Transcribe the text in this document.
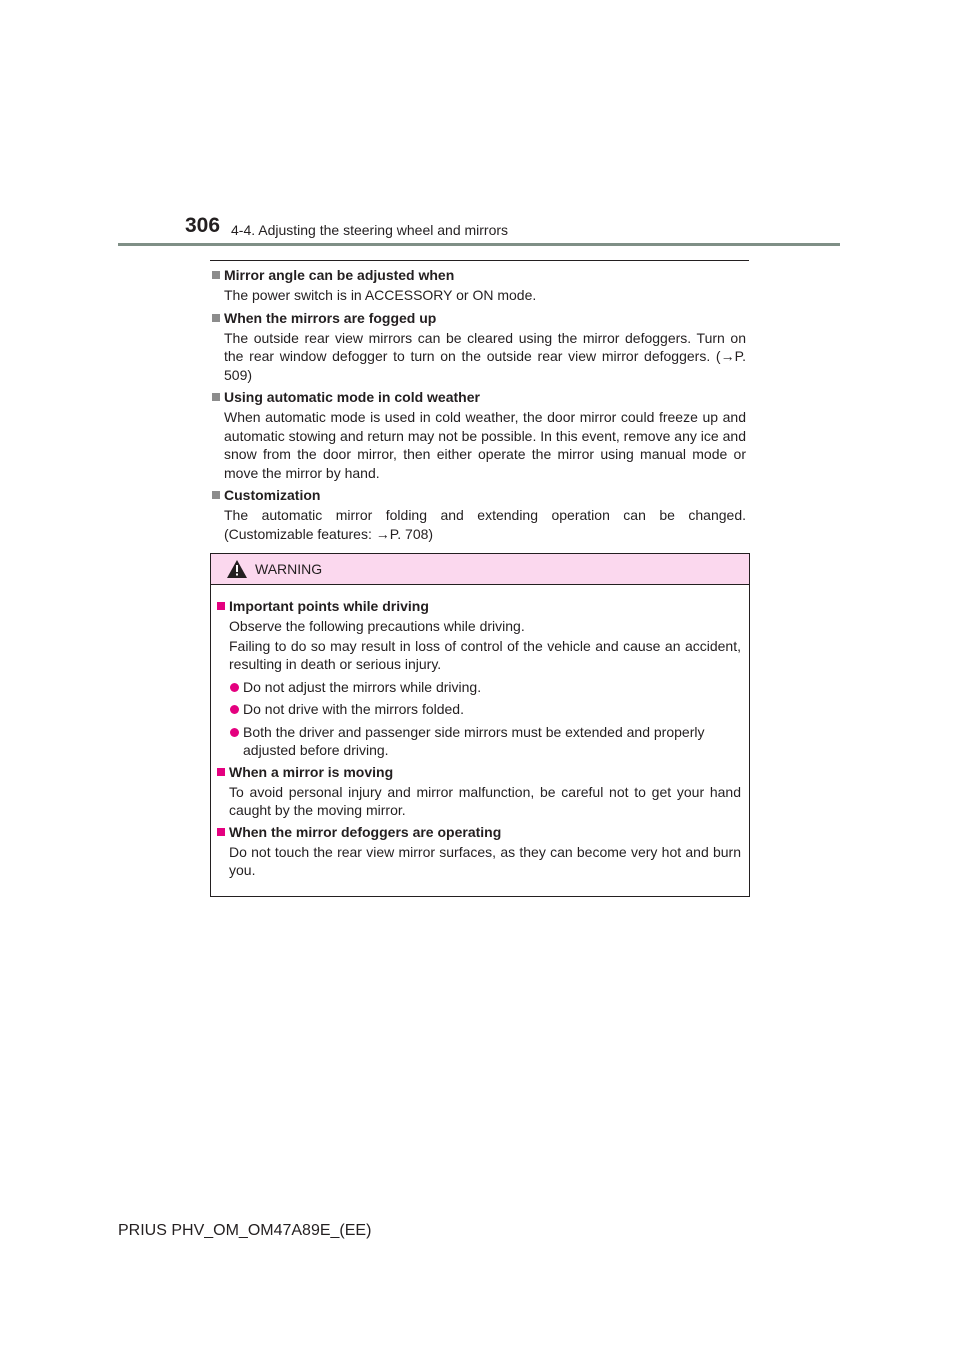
306 4-4. Adjusting the steering wheel and mirrors
Mirror angle can be adjusted when
The power switch is in ACCESSORY or ON mode.
When the mirrors are fogged up
The outside rear view mirrors can be cleared using the mirror defoggers. Turn on the rear window defogger to turn on the outside rear view mirror defoggers. (→P. 509)
Using automatic mode in cold weather
When automatic mode is used in cold weather, the door mirror could freeze up and automatic stowing and return may not be possible. In this event, remove any ice and snow from the door mirror, then either operate the mirror using manual mode or move the mirror by hand.
Customization
The automatic mirror folding and extending operation can be changed. (Customizable features: →P. 708)
WARNING
Important points while driving
Observe the following precautions while driving.
Failing to do so may result in loss of control of the vehicle and cause an accident, resulting in death or serious injury.
Do not adjust the mirrors while driving.
Do not drive with the mirrors folded.
Both the driver and passenger side mirrors must be extended and properly adjusted before driving.
When a mirror is moving
To avoid personal injury and mirror malfunction, be careful not to get your hand caught by the moving mirror.
When the mirror defoggers are operating
Do not touch the rear view mirror surfaces, as they can become very hot and burn you.
PRIUS PHV_OM_OM47A89E_(EE)
